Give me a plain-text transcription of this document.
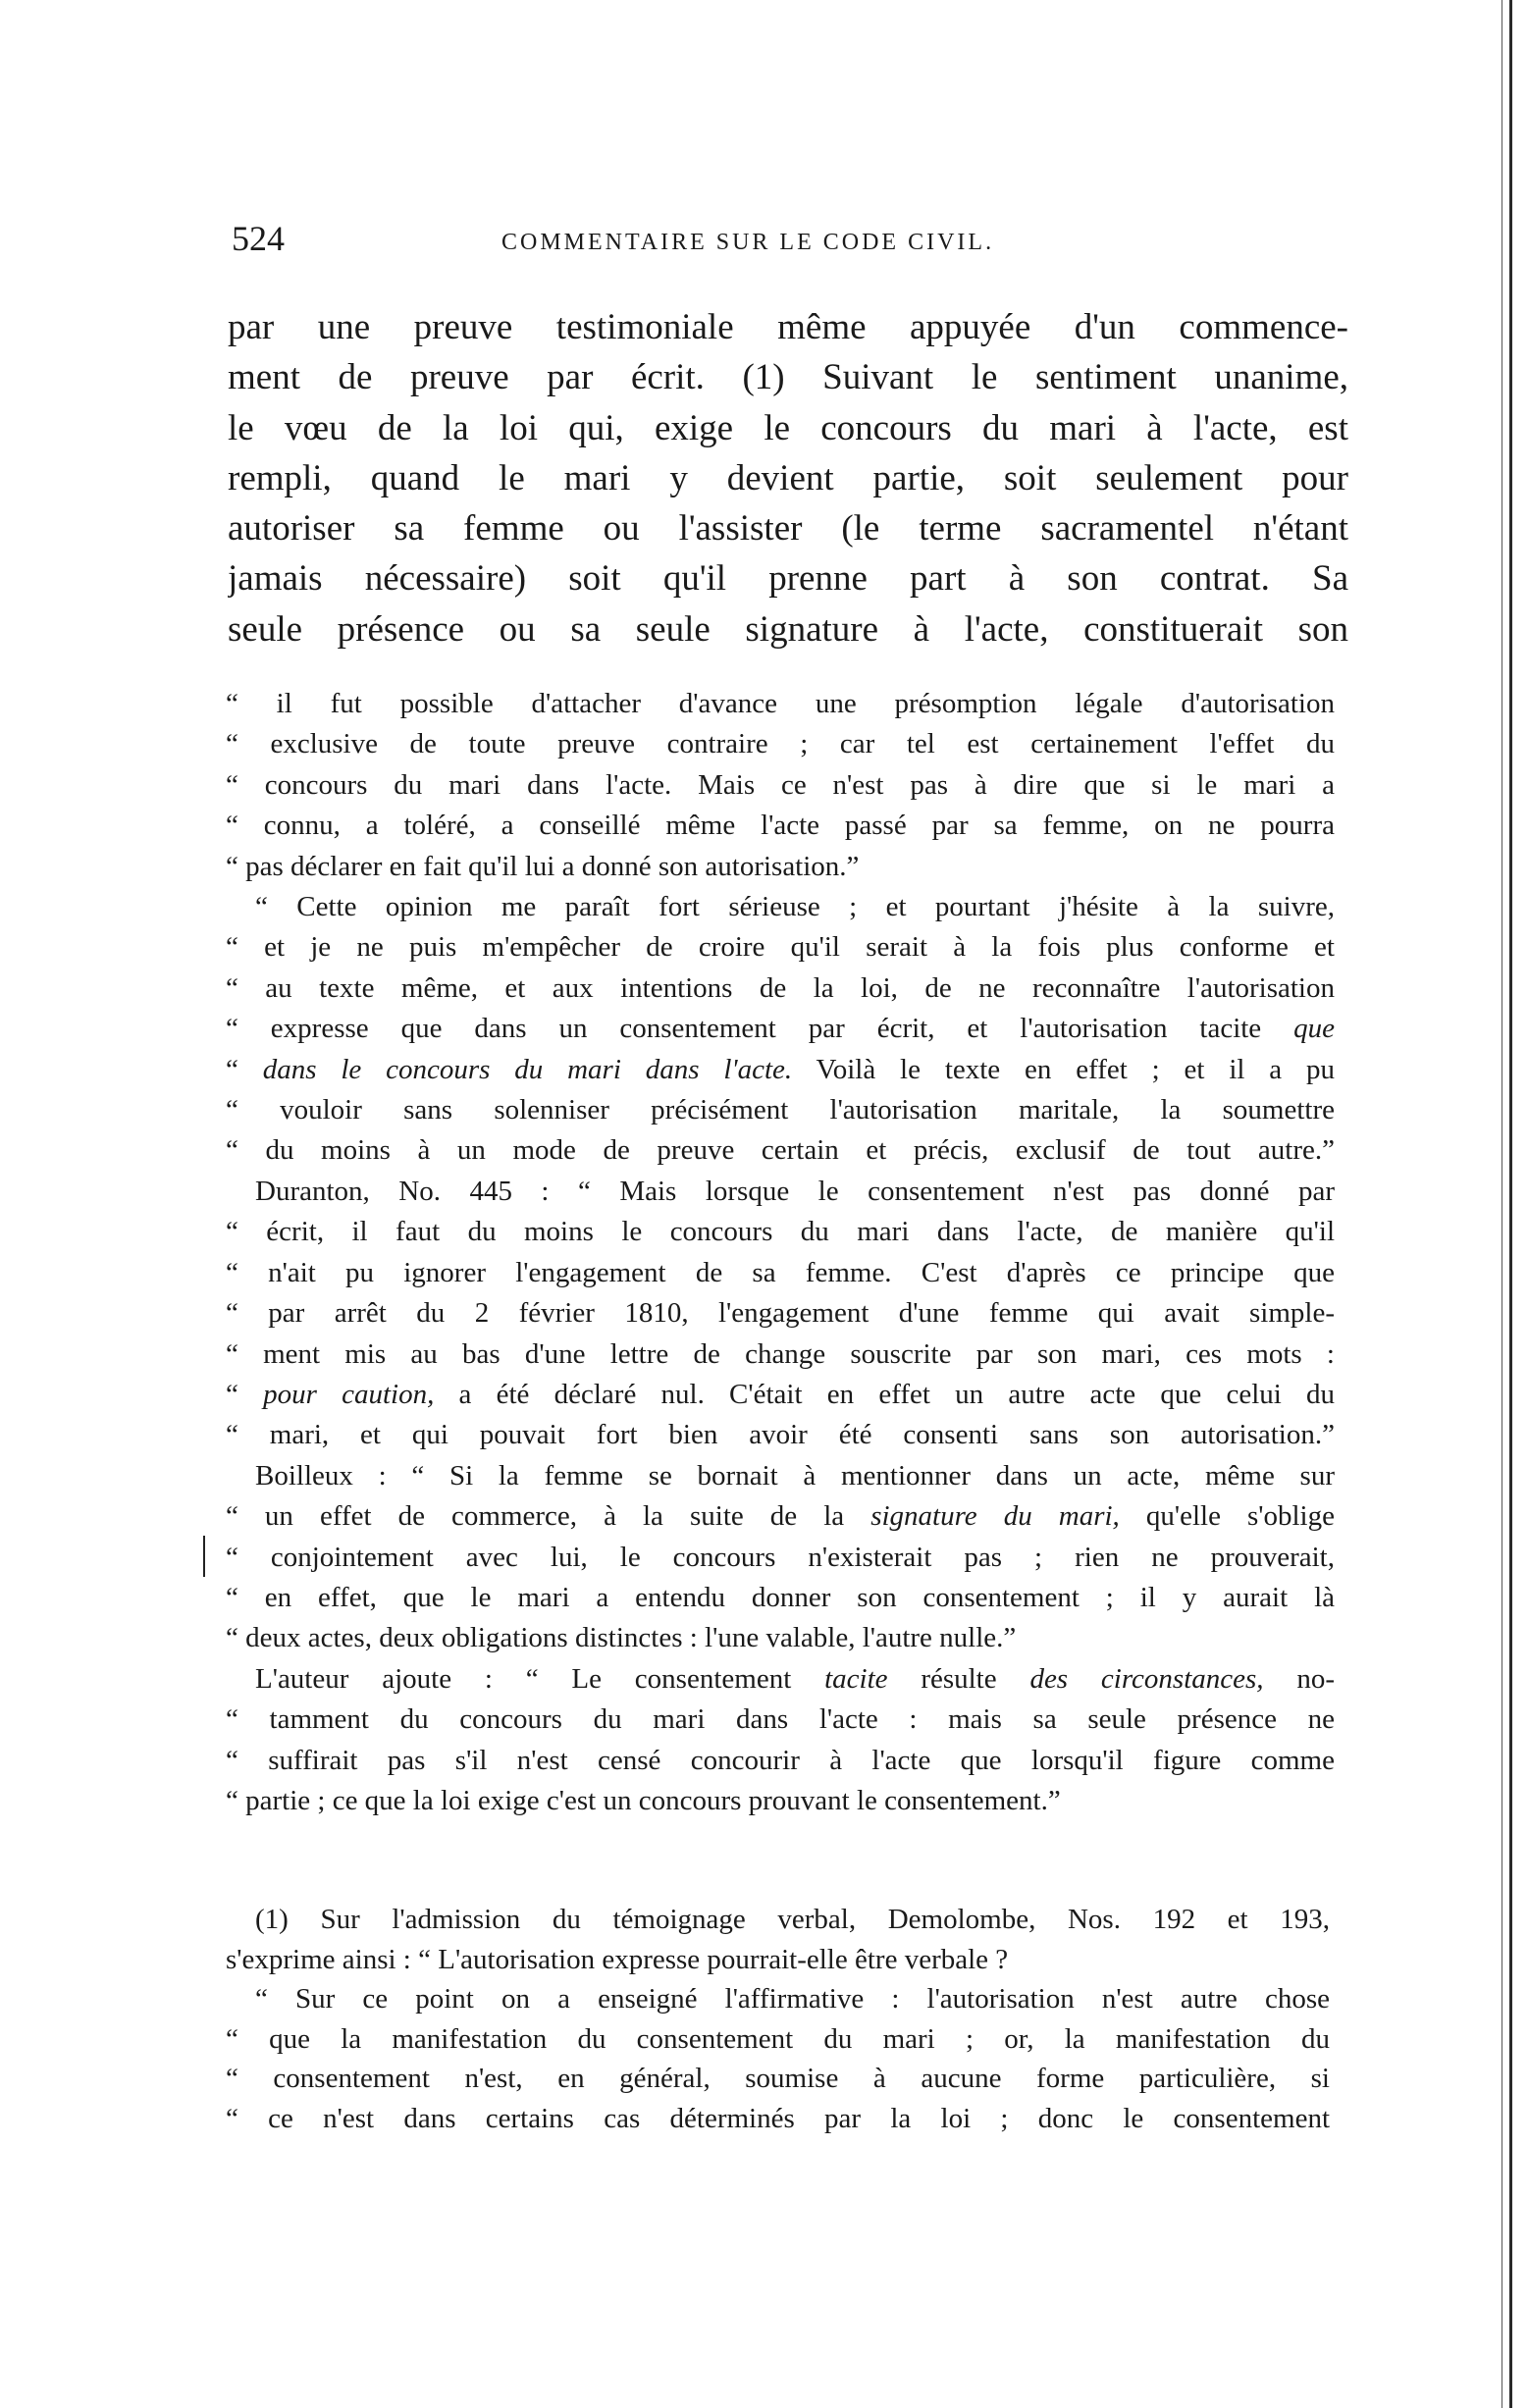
524	COMMENTAIRE SUR LE CODE CIVIL.
par une preuve testimoniale même appuyée d'un commence-
ment de preuve par écrit. (1) Suivant le sentiment unanime,
le vœu de la loi qui, exige le concours du mari à l'acte, est
rempli, quand le mari y devient partie, soit seulement pour
autoriser sa femme ou l'assister (le terme sacramentel n'étant
jamais nécessaire) soit qu'il prenne part à son contrat. Sa
seule présence ou sa seule signature à l'acte, constituerait son
“ il fut possible d'attacher d'avance une présomption légale d'autorisation
“ exclusive de toute preuve contraire ; car tel est certainement l'effet du
“ concours du mari dans l'acte. Mais ce n'est pas à dire que si le mari a
“ connu, a toléré, a conseillé même l'acte passé par sa femme, on ne pourra
“ pas déclarer en fait qu'il lui a donné son autorisation.”
“ Cette opinion me paraît fort sérieuse ; et pourtant j'hésite à la suivre,
“ et je ne puis m'empêcher de croire qu'il serait à la fois plus conforme et
“ au texte même, et aux intentions de la loi, de ne reconnaître l'autorisation
“ expresse que dans un consentement par écrit, et l'autorisation tacite que
“ dans le concours du mari dans l'acte. Voilà le texte en effet ; et il a pu
“ vouloir sans solenniser précisément l'autorisation maritale, la soumettre
“ du moins à un mode de preuve certain et précis, exclusif de tout autre.”
Duranton, No. 445 : “ Mais lorsque le consentement n'est pas donné par
“ écrit, il faut du moins le concours du mari dans l'acte, de manière qu'il
“ n'ait pu ignorer l'engagement de sa femme. C'est d'après ce principe que
“ par arrêt du 2 février 1810, l'engagement d'une femme qui avait simple-
“ ment mis au bas d'une lettre de change souscrite par son mari, ces mots :
“ pour caution, a été déclaré nul. C'était en effet un autre acte que celui du
“ mari, et qui pouvait fort bien avoir été consenti sans son autorisation.”
Boilleux : “ Si la femme se bornait à mentionner dans un acte, même sur
“ un effet de commerce, à la suite de la signature du mari, qu'elle s'oblige
“ conjointement avec lui, le concours n'existerait pas ; rien ne prouverait,
“ en effet, que le mari a entendu donner son consentement ; il y aurait là
“ deux actes, deux obligations distinctes : l'une valable, l'autre nulle.”
L'auteur ajoute : “ Le consentement tacite résulte des circonstances, no-
“ tamment du concours du mari dans l'acte : mais sa seule présence ne
“ suffirait pas s'il n'est censé concourir à l'acte que lorsqu'il figure comme
“ partie ; ce que la loi exige c'est un concours prouvant le consentement.”
(1) Sur l'admission du témoignage verbal, Demolombe, Nos. 192 et 193,
s'exprime ainsi : “ L'autorisation expresse pourrait-elle être verbale ?
“ Sur ce point on a enseigné l'affirmative : l'autorisation n'est autre chose
“ que la manifestation du consentement du mari ; or, la manifestation du
“ consentement n'est, en général, soumise à aucune forme particulière, si
“ ce n'est dans certains cas déterminés par la loi ; donc le consentement
